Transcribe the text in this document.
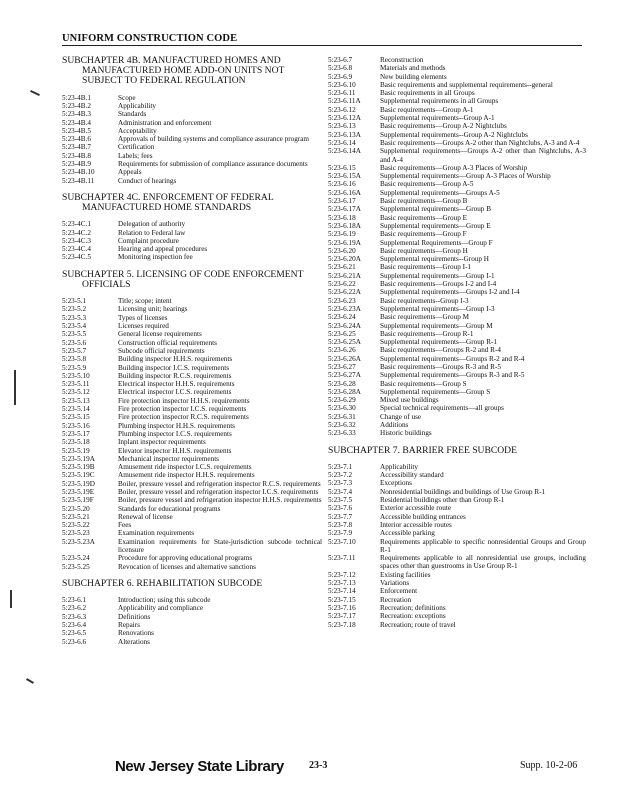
UNIFORM CONSTRUCTION CODE
SUBCHAPTER 4B. MANUFACTURED HOMES AND
MANUFACTURED HOME ADD-ON UNITS NOT
SUBJECT TO FEDERAL REGULATION
5:23-4B.1	Scope
5:23-4B.2	Applicability
5:23-4B.3	Standards
5:23-4B.4	Administration and enforcement
5:23-4B.5	Acceptability
5:23-4B.6	Approvals of building systems and compliance assurance program
5:23-4B.7	Certification
5:23-4B.8	Labels; fees
5:23-4B.9	Requirements for submission of compliance assurance documents
5:23-4B.10	Appeals
5:23-4B.11	Conduct of hearings
SUBCHAPTER 4C. ENFORCEMENT OF FEDERAL
MANUFACTURED HOME STANDARDS
5:23-4C.1	Delegation of authority
5:23-4C.2	Relation to Federal law
5:23-4C.3	Complaint procedure
5:23-4C.4	Hearing and appeal procedures
5:23-4C.5	Monitoring inspection fee
SUBCHAPTER 5. LICENSING OF CODE ENFORCEMENT
OFFICIALS
5:23-5.1	Title; scope; intent
5:23-5.2	Licensing unit; hearings
5:23-5.3	Types of licenses
5:23-5.4	Licenses required
5:23-5.5	General license requirements
5:23-5.6	Construction official requirements
5:23-5.7	Subcode official requirements
5:23-5.8	Building inspector H.H.S. requirements
5:23-5.9	Building inspector I.C.S. requirements
5:23-5.10	Building inspector R.C.S. requirements
5:23-5.11	Electrical inspector H.H.S. requirements
5:23-5.12	Electrical inspector I.C.S. requirements
5:23-5.13	Fire protection inspector H.H.S. requirements
5:23-5.14	Fire protection inspector I.C.S. requirements
5:23-5.15	Fire protection inspector R.C.S. requirements
5:23-5.16	Plumbing inspector H.H.S. requirements
5:23-5.17	Plumbing inspector I.C.S. requirements
5:23-5.18	Inplant inspector requirements
5:23-5.19	Elevator inspector H.H.S. requirements
5:23-5.19A	Mechanical inspector requirements
5:23-5.19B	Amusement ride inspector I.C.S. requirements
5:23-5.19C	Amusement ride inspector H.H.S. requirements
5:23-5.19D	Boiler, pressure vessel and refrigeration inspector R.C.S. requirements
5:23-5.19E	Boiler, pressure vessel and refrigeration inspector I.C.S. requirements
5:23-5.19F	Boiler, pressure vessel and refrigeration inspector H.H.S. requirements
5:23-5.20	Standards for educational programs
5:23-5.21	Renewal of license
5:23-5.22	Fees
5:23-5.23	Examination requirements
5:23-5.23A	Examination requirements for State-jurisdiction subcode technical licensure
5:23-5.24	Procedure for approving educational programs
5:23-5.25	Revocation of licenses and alternative sanctions
SUBCHAPTER 6. REHABILITATION SUBCODE
5:23-6.1	Introduction; using this subcode
5:23-6.2	Applicability and compliance
5:23-6.3	Definitions
5:23-6.4	Repairs
5:23-6.5	Renovations
5:23-6.6	Alterations
5:23-6.7	Reconstruction
5:23-6.8	Materials and methods
5:23-6.9	New building elements
5:23-6.10	Basic requirements and supplemental requirements--general
5:23-6.11	Basic requirements in all Groups
5:23-6.11A	Supplemental requirements in all Groups
5:23-6.12	Basic requirements—Group A-1
5:23-6.12A	Supplemental requirements--Group A-1
5:23-6.13	Basic requirements—Group A-2 Nightclubs
5:23-6.13A	Supplemental requirements--Group A-2 Nightclubs
5:23-6.14	Basic requirements—Groups A-2 other than Nightclubs, A-3 and A-4
5:23-6.14A	Supplemental requirements—Groups A-2 other than Nightclubs, A-3 and A-4
5:23-6.15	Basic requirements—Group A-3 Places of Worship
5:23-6.15A	Supplemental requirements—Group A-3 Places of Worship
5:23-6.16	Basic requirements—Group A-5
5:23-6.16A	Supplemental requirements—Groups A-5
5:23-6.17	Basic requirements—Group B
5:23-6.17A	Supplemental requirements—Group B
5:23-6.18	Basic requirements—Group E
5:23-6.18A	Supplemental requirements—Group E
5:23-6.19	Basic requirements—Group F
5:23-6.19A	Supplemental Requirements—Group F
5:23-6.20	Basic requirements—Group H
5:23-6.20A	Supplemental requirements--Group H
5:23-6.21	Basic requirements—Group I-1
5:23-6.21A	Supplemental requirements—Group I-1
5:23-6.22	Basic requirements—Groups I-2 and I-4
5:23-6.22A	Supplemental requirements—Groups I-2 and I-4
5:23-6.23	Basic requirements--Group I-3
5:23-6.23A	Supplemental requirements—Group I-3
5:23-6.24	Basic requirements—Group M
5:23-6.24A	Supplemental requirements—Group M
5:23-6.25	Basic requirements—Group R-1
5:23-6.25A	Supplemental requirements—Group R-1
5:23-6.26	Basic requirements—Groups R-2 and R-4
5:23-6.26A	Supplemental requirements—Groups R-2 and R-4
5:23-6.27	Basic requirements—Groups R-3 and R-5
5:23-6.27A	Supplemental requirements—Groups R-3 and R-5
5:23-6.28	Basic requirements—Group S
5:23-6.28A	Supplemental requirements—Group S
5:23-6.29	Mixed use buildings
5:23-6.30	Special technical requirements—all groups
5:23-6.31	Change of use
5:23-6.32	Additions
5:23-6.33	Historic buildings
SUBCHAPTER 7. BARRIER FREE SUBCODE
5:23-7.1	Applicability
5:23-7.2	Accessibility standard
5:23-7.3	Exceptions
5:23-7.4	Nonresidential buildings and buildings of Use Group R-1
5:23-7.5	Residential buildings other than Group R-1
5:23-7.6	Exterior accessible route
5:23-7.7	Accessible building entrances
5:23-7.8	Interior accessible routes
5:23-7.9	Accessible parking
5:23-7.10	Requirements applicable to specific nonresidential Groups and Group R-1
5:23-7.11	Requirements applicable to all nonresidential use groups, including spaces other than guestrooms in Use Group R-1
5:23-7.12	Existing facilities
5:23-7.13	Variations
5:23-7.14	Enforcement
5:23-7.15	Recreation
5:23-7.16	Recreation; definitions
5:23-7.17	Recreation: exceptions
5:23-7.18	Recreation; route of travel
New Jersey State Library	23-3	Supp. 10-2-06
